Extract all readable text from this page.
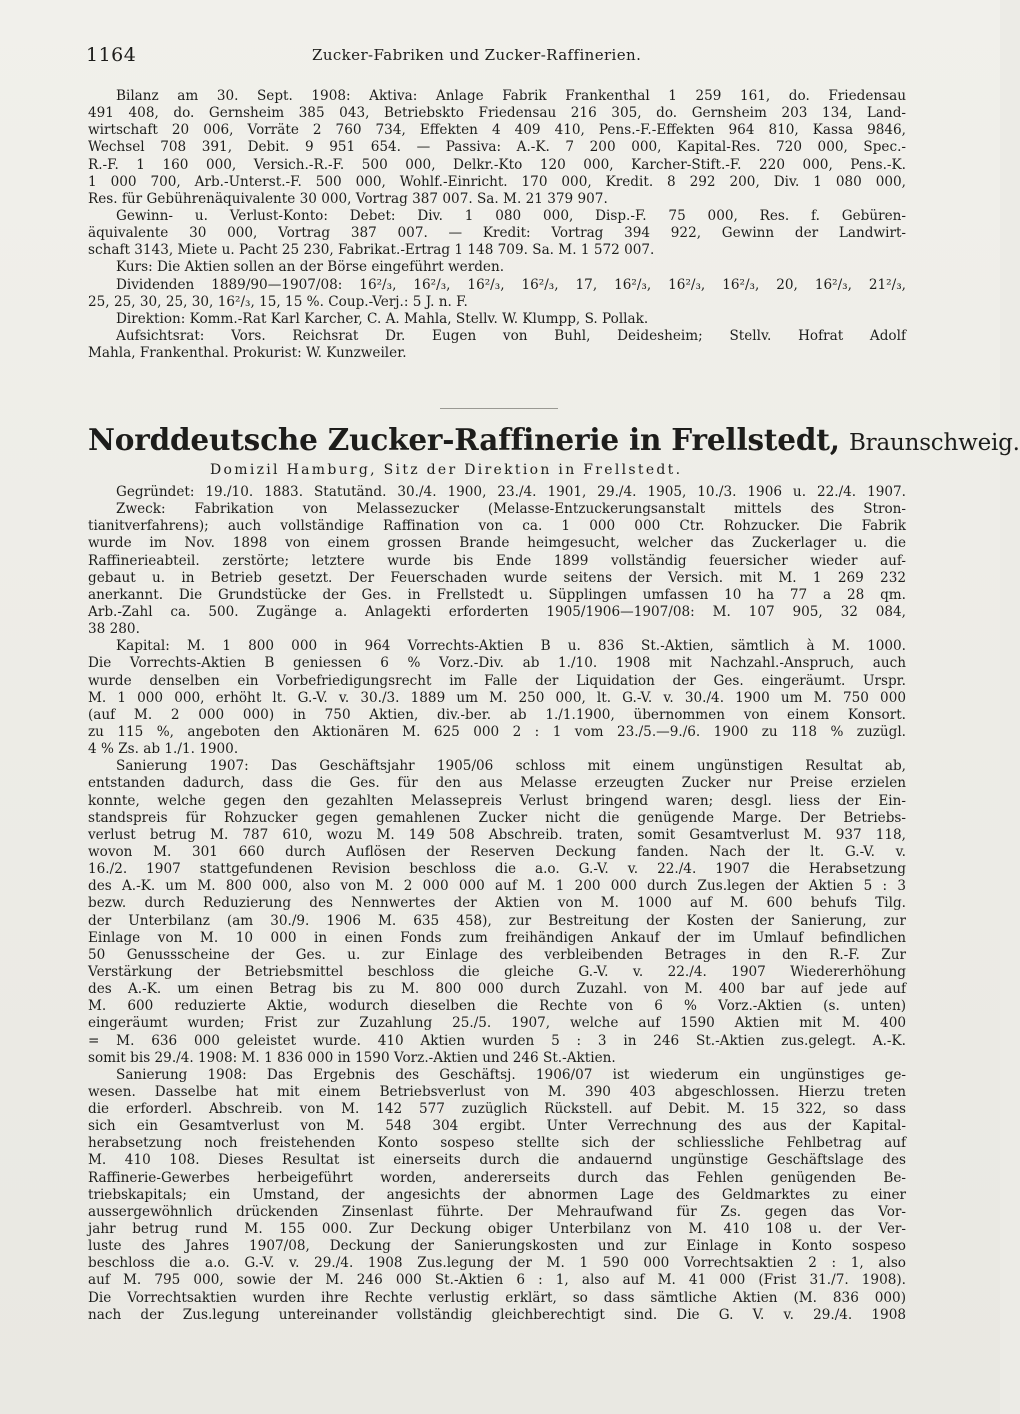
1164	Zucker-Fabriken und Zucker-Raffinerien.
Bilanz am 30. Sept. 1908: Aktiva: Anlage Fabrik Frankenthal 1 259 161, do. Friedensau
491 408, do. Gernsheim 385 043, Betriebskto Friedensau 216 305, do. Gernsheim 203 134, Land-
wirtschaft 20 006, Vorräte 2 760 734, Effekten 4 409 410, Pens.-F.-Effekten 964 810, Kassa 9846,
Wechsel 708 391, Debit. 9 951 654. — Passiva: A.-K. 7 200 000, Kapital-Res. 720 000, Spec.-
R.-F. 1 160 000, Versich.-R.-F. 500 000, Delkr.-Kto 120 000, Karcher-Stift.-F. 220 000, Pens.-K.
1 000 700, Arb.-Unterst.-F. 500 000, Wohlf.-Einricht. 170 000, Kredit. 8 292 200, Div. 1 080 000,
Res. für Gebührenäquivalente 30 000, Vortrag 387 007. Sa. M. 21 379 907.
Gewinn- u. Verlust-Konto: Debet: Div. 1 080 000, Disp.-F. 75 000, Res. f. Gebüren-
äquivalente 30 000, Vortrag 387 007. — Kredit: Vortrag 394 922, Gewinn der Landwirt-
schaft 3143, Miete u. Pacht 25 230, Fabrikat.-Ertrag 1 148 709. Sa. M. 1 572 007.
Kurs: Die Aktien sollen an der Börse eingeführt werden.
Dividenden 1889/90—1907/08: 16²/₃, 16²/₃, 16²/₃, 16²/₃, 17, 16²/₃, 16²/₃, 16²/₃, 20, 16²/₃, 21²/₃,
25, 25, 30, 25, 30, 16²/₃, 15, 15 %. Coup.-Verj.: 5 J. n. F.
Direktion: Komm.-Rat Karl Karcher, C. A. Mahla, Stellv. W. Klumpp, S. Pollak.
Aufsichtsrat: Vors. Reichsrat Dr. Eugen von Buhl, Deidesheim; Stellv. Hofrat Adolf
Mahla, Frankenthal. Prokurist: W. Kunzweiler.
Norddeutsche Zucker-Raffinerie in Frellstedt, Braunschweig.
Domizil Hamburg, Sitz der Direktion in Frellstedt.
Gegründet: 19./10. 1883. Statutänd. 30./4. 1900, 23./4. 1901, 29./4. 1905, 10./3. 1906 u. 22./4. 1907.
Zweck: Fabrikation von Melassezucker (Melasse-Entzuckerungsanstalt mittels des Stron-
tianitverfahrens); auch vollständige Raffination von ca. 1 000 000 Ctr. Rohzucker. Die Fabrik
wurde im Nov. 1898 von einem grossen Brande heimgesucht, welcher das Zuckerlager u. die
Raffinerieabteil. zerstörte; letztere wurde bis Ende 1899 vollständig feuersicher wieder auf-
gebaut u. in Betrieb gesetzt. Der Feuerschaden wurde seitens der Versich. mit M. 1 269 232
anerkannt. Die Grundstücke der Ges. in Frellstedt u. Süpplingen umfassen 10 ha 77 a 28 qm.
Arb.-Zahl ca. 500. Zugänge a. Anlagekti erforderten 1905/1906—1907/08: M. 107 905, 32 084,
38 280.
Kapital: M. 1 800 000 in 964 Vorrechts-Aktien B u. 836 St.-Aktien, sämtlich à M. 1000.
Die Vorrechts-Aktien B geniessen 6 % Vorz.-Div. ab 1./10. 1908 mit Nachzahl.-Anspruch, auch
wurde denselben ein Vorbefriedigungsrecht im Falle der Liquidation der Ges. eingeräumt. Urspr.
M. 1 000 000, erhöht lt. G.-V. v. 30./3. 1889 um M. 250 000, lt. G.-V. v. 30./4. 1900 um M. 750 000
(auf M. 2 000 000) in 750 Aktien, div.-ber. ab 1./1.1900, übernommen von einem Konsort.
zu 115 %, angeboten den Aktionären M. 625 000 2 : 1 vom 23./5.—9./6. 1900 zu 118 % zuzügl.
4 % Zs. ab 1./1. 1900.
Sanierung 1907: Das Geschäftsjahr 1905/06 schloss mit einem ungünstigen Resultat ab,
entstanden dadurch, dass die Ges. für den aus Melasse erzeugten Zucker nur Preise erzielen
konnte, welche gegen den gezahlten Melassepreis Verlust bringend waren; desgl. liess der Ein-
standspreis für Rohzucker gegen gemahlenen Zucker nicht die genügende Marge. Der Betriebs-
verlust betrug M. 787 610, wozu M. 149 508 Abschreib. traten, somit Gesamtverlust M. 937 118,
wovon M. 301 660 durch Auflösen der Reserven Deckung fanden. Nach der lt. G.-V. v.
16./2. 1907 stattgefundenen Revision beschloss die a.o. G.-V. v. 22./4. 1907 die Herabsetzung
des A.-K. um M. 800 000, also von M. 2 000 000 auf M. 1 200 000 durch Zus.legen der Aktien 5 : 3
bezw. durch Reduzierung des Nennwertes der Aktien von M. 1000 auf M. 600 behufs Tilg.
der Unterbilanz (am 30./9. 1906 M. 635 458), zur Bestreitung der Kosten der Sanierung, zur
Einlage von M. 10 000 in einen Fonds zum freihändigen Ankauf der im Umlauf befindlichen
50 Genussscheine der Ges. u. zur Einlage des verbleibenden Betrages in den R.-F. Zur
Verstärkung der Betriebsmittel beschloss die gleiche G.-V. v. 22./4. 1907 Wiedererhöhung
des A.-K. um einen Betrag bis zu M. 800 000 durch Zuzahl. von M. 400 bar auf jede auf
M. 600 reduzierte Aktie, wodurch dieselben die Rechte von 6 % Vorz.-Aktien (s. unten)
eingeräumt wurden; Frist zur Zuzahlung 25./5. 1907, welche auf 1590 Aktien mit M. 400
= M. 636 000 geleistet wurde. 410 Aktien wurden 5 : 3 in 246 St.-Aktien zus.gelegt. A.-K.
somit bis 29./4. 1908: M. 1 836 000 in 1590 Vorz.-Aktien und 246 St.-Aktien.
Sanierung 1908: Das Ergebnis des Geschäftsj. 1906/07 ist wiederum ein ungünstiges ge-
wesen. Dasselbe hat mit einem Betriebsverlust von M. 390 403 abgeschlossen. Hierzu treten
die erforderl. Abschreib. von M. 142 577 zuzüglich Rückstell. auf Debit. M. 15 322, so dass
sich ein Gesamtverlust von M. 548 304 ergibt. Unter Verrechnung des aus der Kapital-
herabsetzung noch freistehenden Konto sospeso stellte sich der schliessliche Fehlbetrag auf
M. 410 108. Dieses Resultat ist einerseits durch die andauernd ungünstige Geschäftslage des
Raffinerie-Gewerbes herbeigeführt worden, andererseits durch das Fehlen genügenden Be-
triebskapitals; ein Umstand, der angesichts der abnormen Lage des Geldmarktes zu einer
aussergewöhnlich drückenden Zinsenlast führte. Der Mehraufwand für Zs. gegen das Vor-
jahr betrug rund M. 155 000. Zur Deckung obiger Unterbilanz von M. 410 108 u. der Ver-
luste des Jahres 1907/08, Deckung der Sanierungskosten und zur Einlage in Konto sospeso
beschloss die a.o. G.-V. v. 29./4. 1908 Zus.legung der M. 1 590 000 Vorrechtsaktien 2 : 1, also
auf M. 795 000, sowie der M. 246 000 St.-Aktien 6 : 1, also auf M. 41 000 (Frist 31./7. 1908).
Die Vorrechtsaktien wurden ihre Rechte verlustig erklärt, so dass sämtliche Aktien (M. 836 000)
nach der Zus.legung untereinander vollständig gleichberechtigt sind. Die G. V. v. 29./4. 1908
